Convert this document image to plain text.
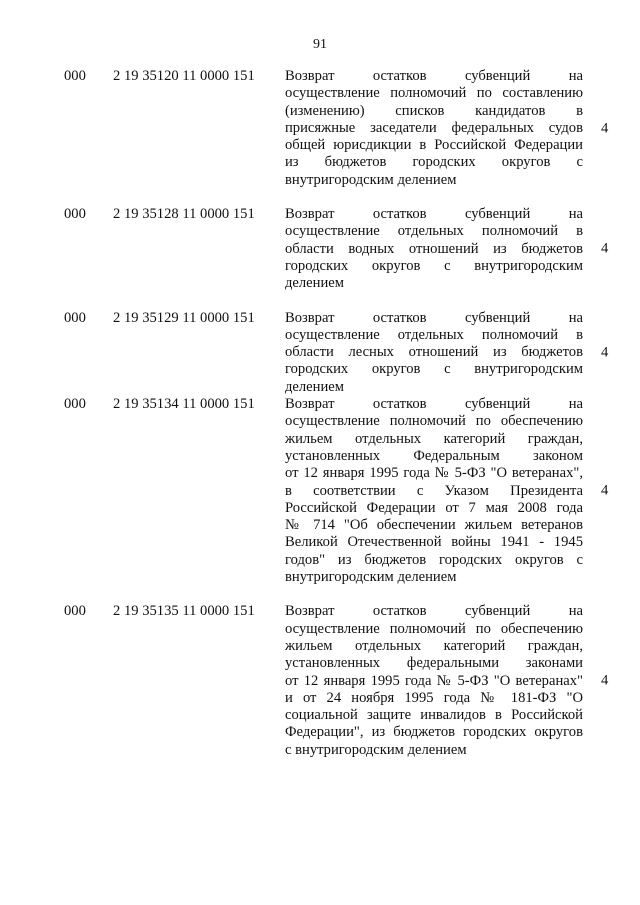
91
000 2 19 35120 11 0000 151 Возврат остатков субвенций на
осуществление полномочий по составлению
(изменению) списков кандидатов в
присяжные заседатели федеральных судов
общей юрисдикции в Российской Федерации
из бюджетов городских округов с
внутригородским делением
4
000 2 19 35128 11 0000 151 Возврат остатков субвенций на
осуществление отдельных полномочий в
области водных отношений из бюджетов
городских округов с внутригородским
делением
4
000 2 19 35129 11 0000 151 Возврат остатков субвенций на
осуществление отдельных полномочий в
области лесных отношений из бюджетов
городских округов с внутригородским
делением
4
000 2 19 35134 11 0000 151 Возврат остатков субвенций на
осуществление полномочий по обеспечению
жильем отдельных категорий граждан,
установленных Федеральным законом
от 12 января 1995 года № 5-ФЗ "О ветеранах",
в соответствии с Указом Президента
Российской Федерации от 7 мая 2008 года
№ 714 "Об обеспечении жильем ветеранов
Великой Отечественной войны 1941 - 1945
годов" из бюджетов городских округов с
внутригородским делением
4
000 2 19 35135 11 0000 151 Возврат остатков субвенций на
осуществление полномочий по обеспечению
жильем отдельных категорий граждан,
установленных федеральными законами
от 12 января 1995 года № 5-ФЗ "О ветеранах"
и от 24 ноября 1995 года № 181-ФЗ "О
социальной защите инвалидов в Российской
Федерации", из бюджетов городских округов
с внутригородским делением
4
